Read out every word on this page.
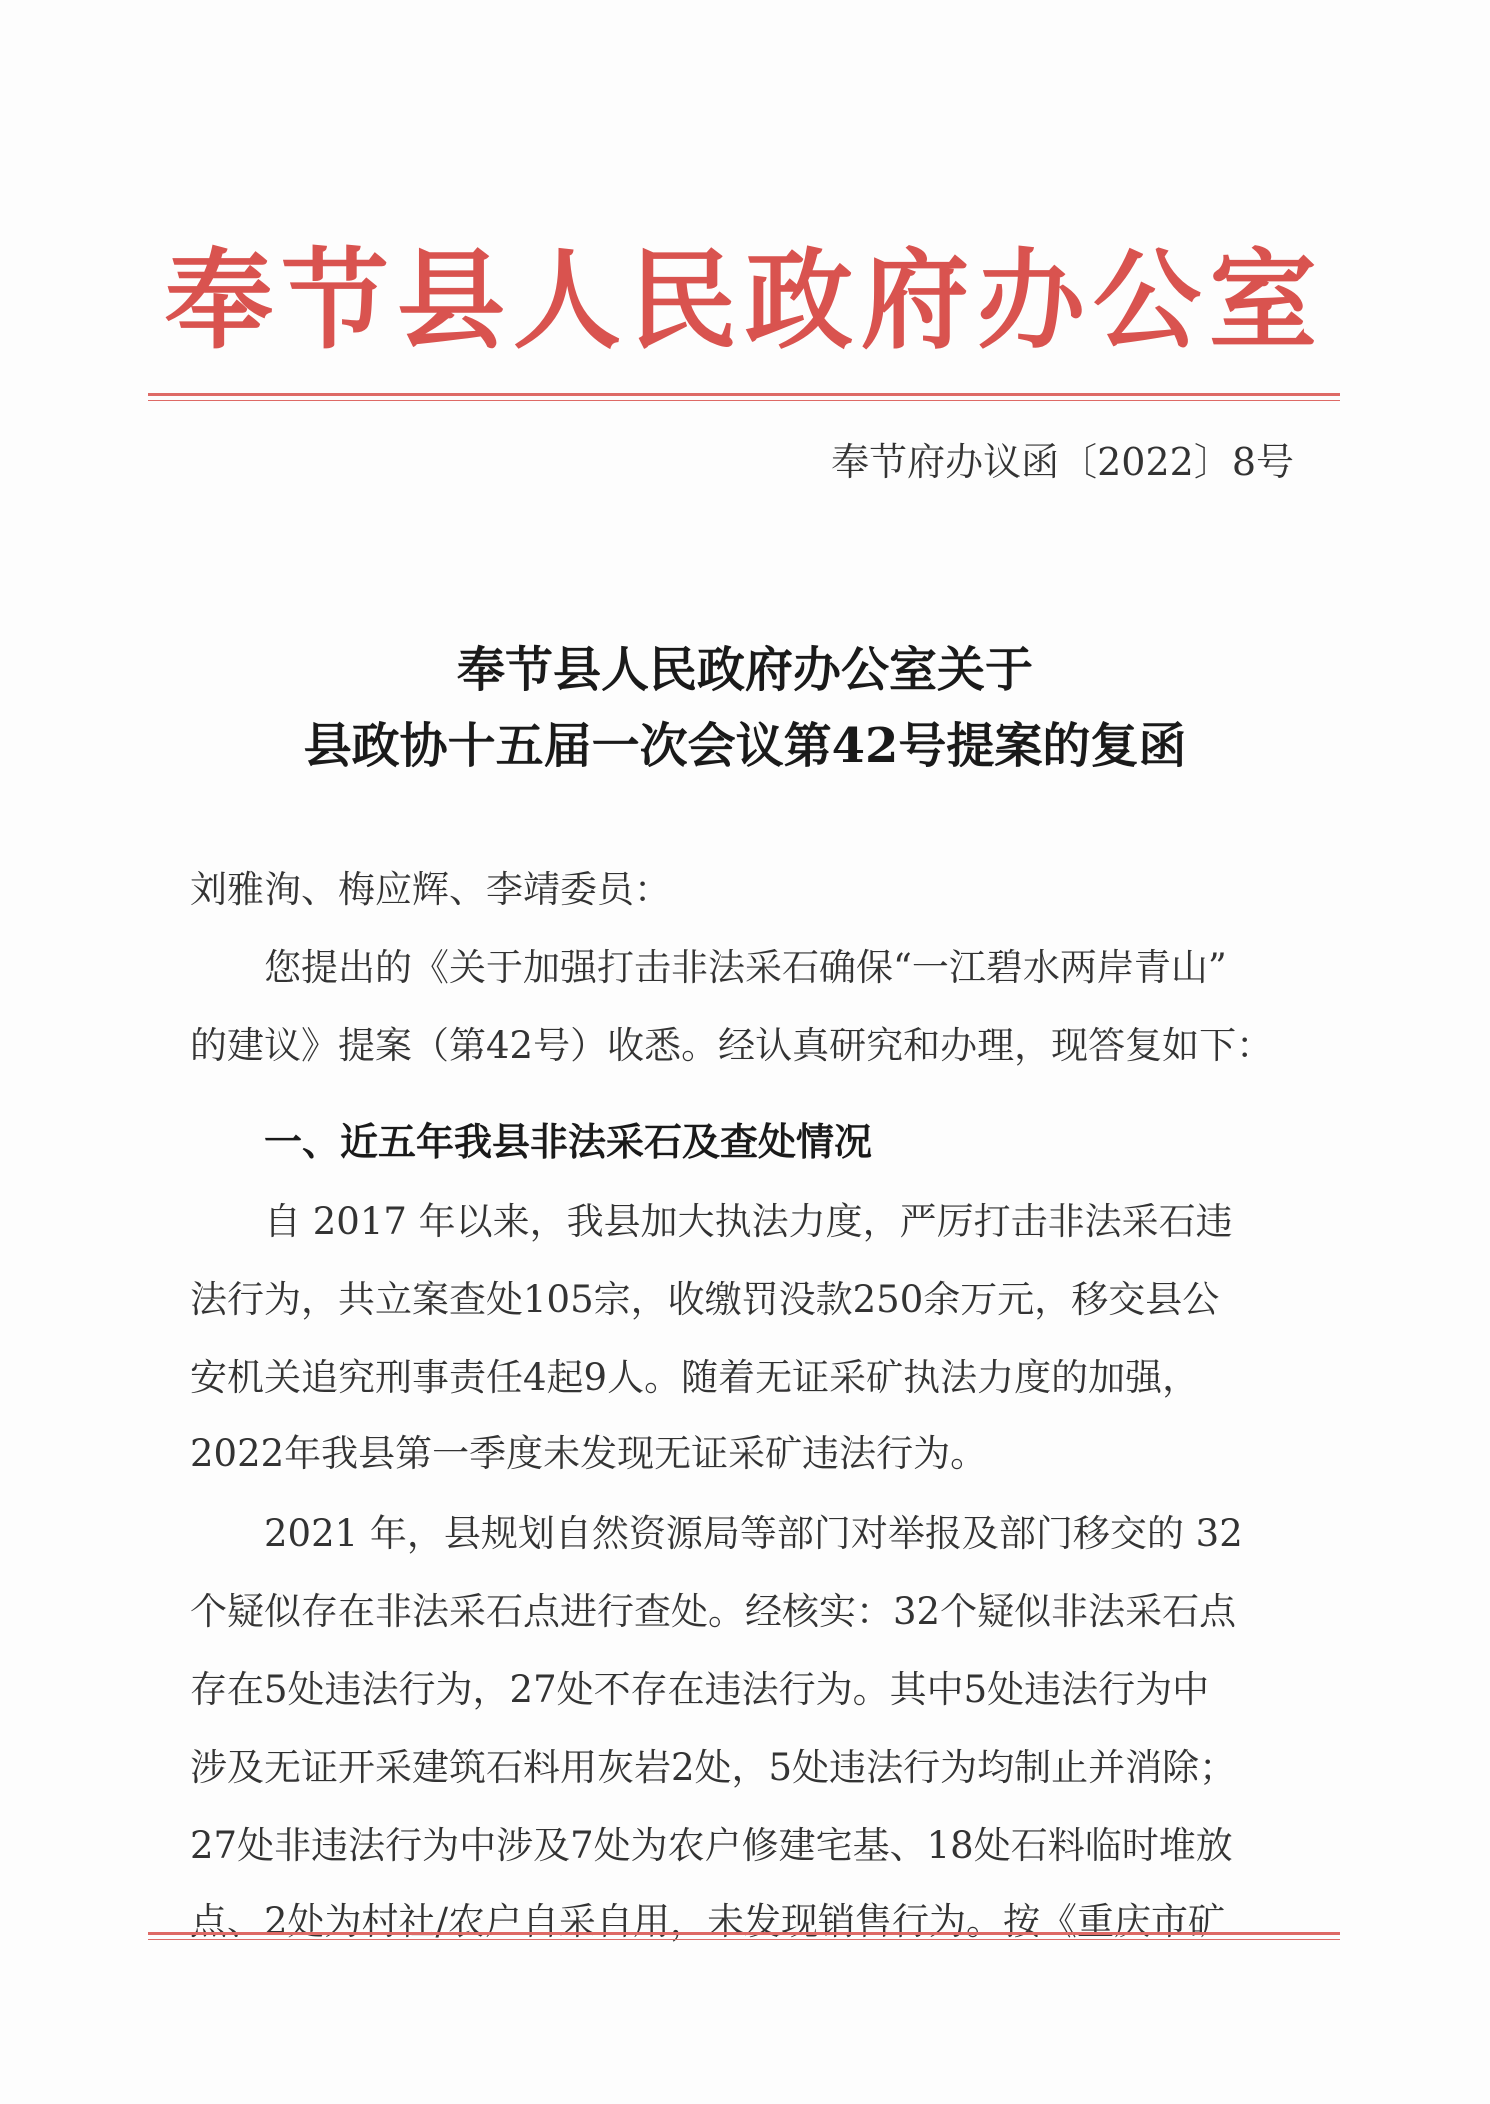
奉节县人民政府办公室
奉节府办议函〔2022〕8号
奉节县人民政府办公室关于
县政协十五届一次会议第42号提案的复函
刘雅洵、梅应辉、李靖委员：
您提出的《关于加强打击非法采石确保“一江碧水两岸青山”
的建议》提案（第42号）收悉。经认真研究和办理，现答复如下：
一、近五年我县非法采石及查处情况
自 2017 年以来，我县加大执法力度，严厉打击非法采石违
法行为，共立案查处105宗，收缴罚没款250余万元，移交县公
安机关追究刑事责任4起9人。随着无证采矿执法力度的加强，
2022年我县第一季度未发现无证采矿违法行为。
2021 年，县规划自然资源局等部门对举报及部门移交的 32
个疑似存在非法采石点进行查处。经核实：32个疑似非法采石点
存在5处违法行为，27处不存在违法行为。其中5处违法行为中
涉及无证开采建筑石料用灰岩2处，5处违法行为均制止并消除；
27处非违法行为中涉及7处为农户修建宅基、18处石料临时堆放
点、2处为村社/农户自采自用，未发现销售行为。按《重庆市矿
